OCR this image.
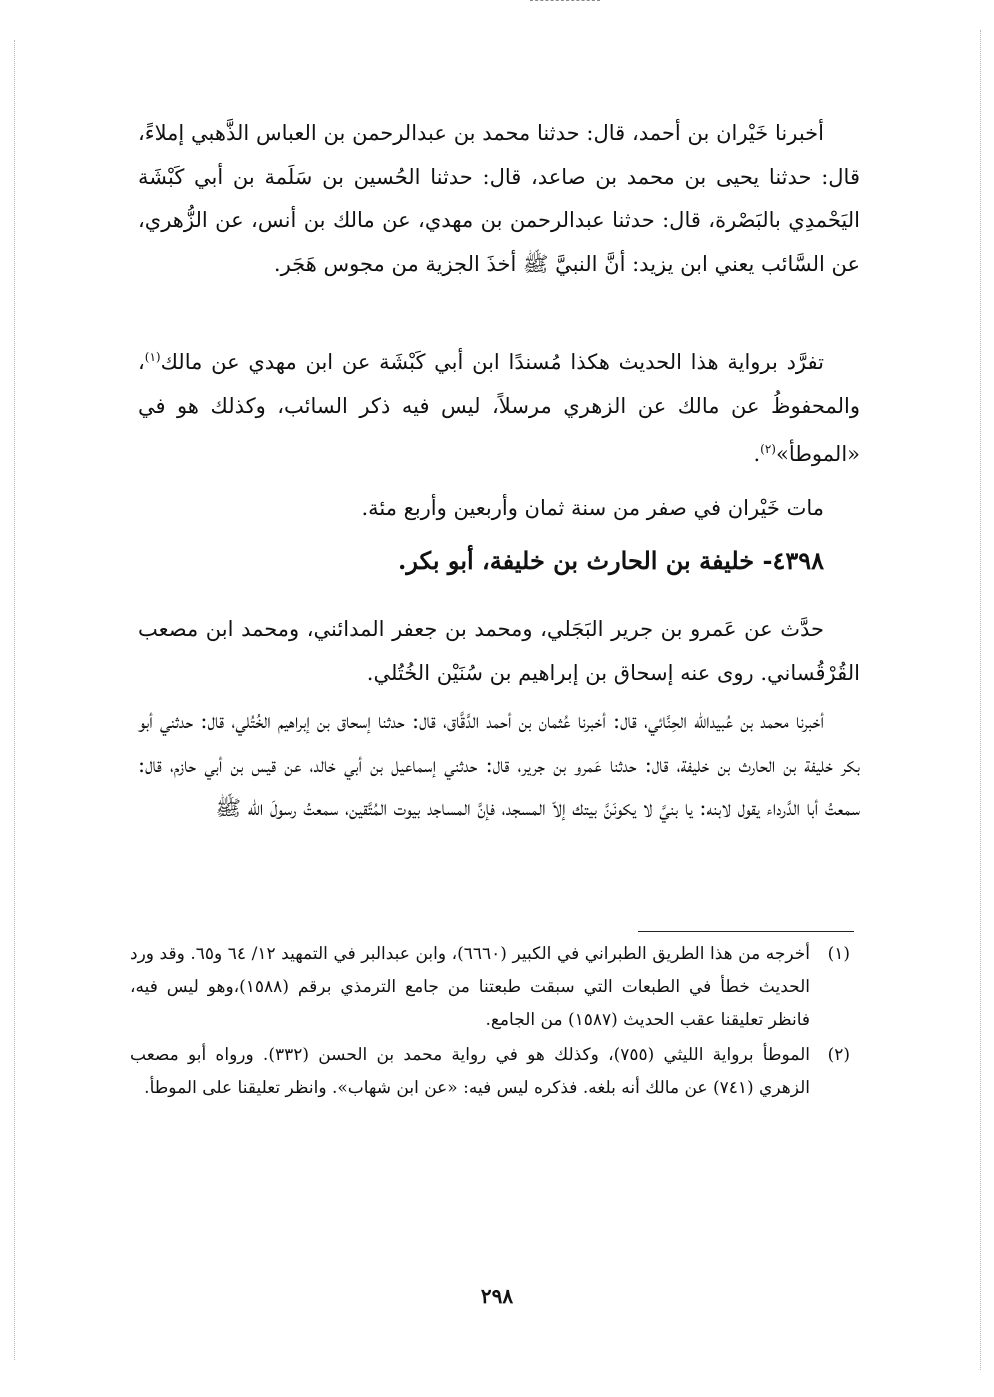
أخبرنا خَيْران بن أحمد، قال: حدثنا محمد بن عبدالرحمن بن العباس الذَّهبي إملاءً، قال: حدثنا يحيى بن محمد بن صاعد، قال: حدثنا الحُسين بن سَلَمة بن أبي كَبْشَة اليَحْمدِي بالبَصْرة، قال: حدثنا عبدالرحمن بن مهدي، عن مالك بن أنس، عن الزُّهري، عن السَّائب يعني ابن يزيد: أنَّ النبيَّ ﷺ أخذَ الجزية من مجوس هَجَر.

تفرَّد برواية هذا الحديث هكذا مُسندًا ابن أبي كَبْشَة عن ابن مهدي عن مالك$^{(١)}$، والمحفوظُ عن مالك عن الزهري مرسلاً، ليس فيه ذكر السائب، وكذلك هو في «الموطأ»$^{(٢)}$.

مات خَيْران في صفر من سنة ثمان وأربعين وأربع مئة.

٤٣٩٨- خليفة بن الحارث بن خليفة، أبو بكر.

حدَّث عن عَمرو بن جرير البَجَلي، ومحمد بن جعفر المدائني، ومحمد ابن مصعب القُرْقُساني. روى عنه إسحاق بن إبراهيم بن سُنَيْن الخُتُلي.

أخبرنا محمد بن عُبيدالله الحِنَّائي، قال: أخبرنا عُثمان بن أحمد الدَّقَّاق، قال: حدثنا إسحاق بن إبراهيم الخُتُلي، قال: حدثني أبو بكر خليفة بن الحارث بن خليفة، قال: حدثنا عَمرو بن جرير، قال: حدثني إسماعيل بن أبي خالد، عن قيس بن أبي حازم، قال: سمعتُ أبا الدَّرداء يقول لابنه: يا بنيَّ لا يكونَنَّ بيتك إلاّ المسجد، فإنَّ المساجد بيوت المُتَّقين، سمعتُ رسولَ الله ﷺ

(١)
أخرجه من هذا الطريق الطبراني في الكبير (٦٦٦٠)، وابن عبدالبر في التمهيد ١٢/ ٦٤ و٦٥. وقد ورد الحديث خطأ في الطبعات التي سبقت طبعتنا من جامع الترمذي برقم (١٥٨٨)،وهو ليس فيه، فانظر تعليقنا عقب الحديث (١٥٨٧) من الجامع.
(٢)
الموطأ برواية الليثي (٧٥٥)، وكذلك هو في رواية محمد بن الحسن (٣٣٢). ورواه أبو مصعب الزهري (٧٤١) عن مالك أنه بلغه. فذكره ليس فيه: «عن ابن شهاب». وانظر تعليقنا على الموطأ.
٢٩٨
